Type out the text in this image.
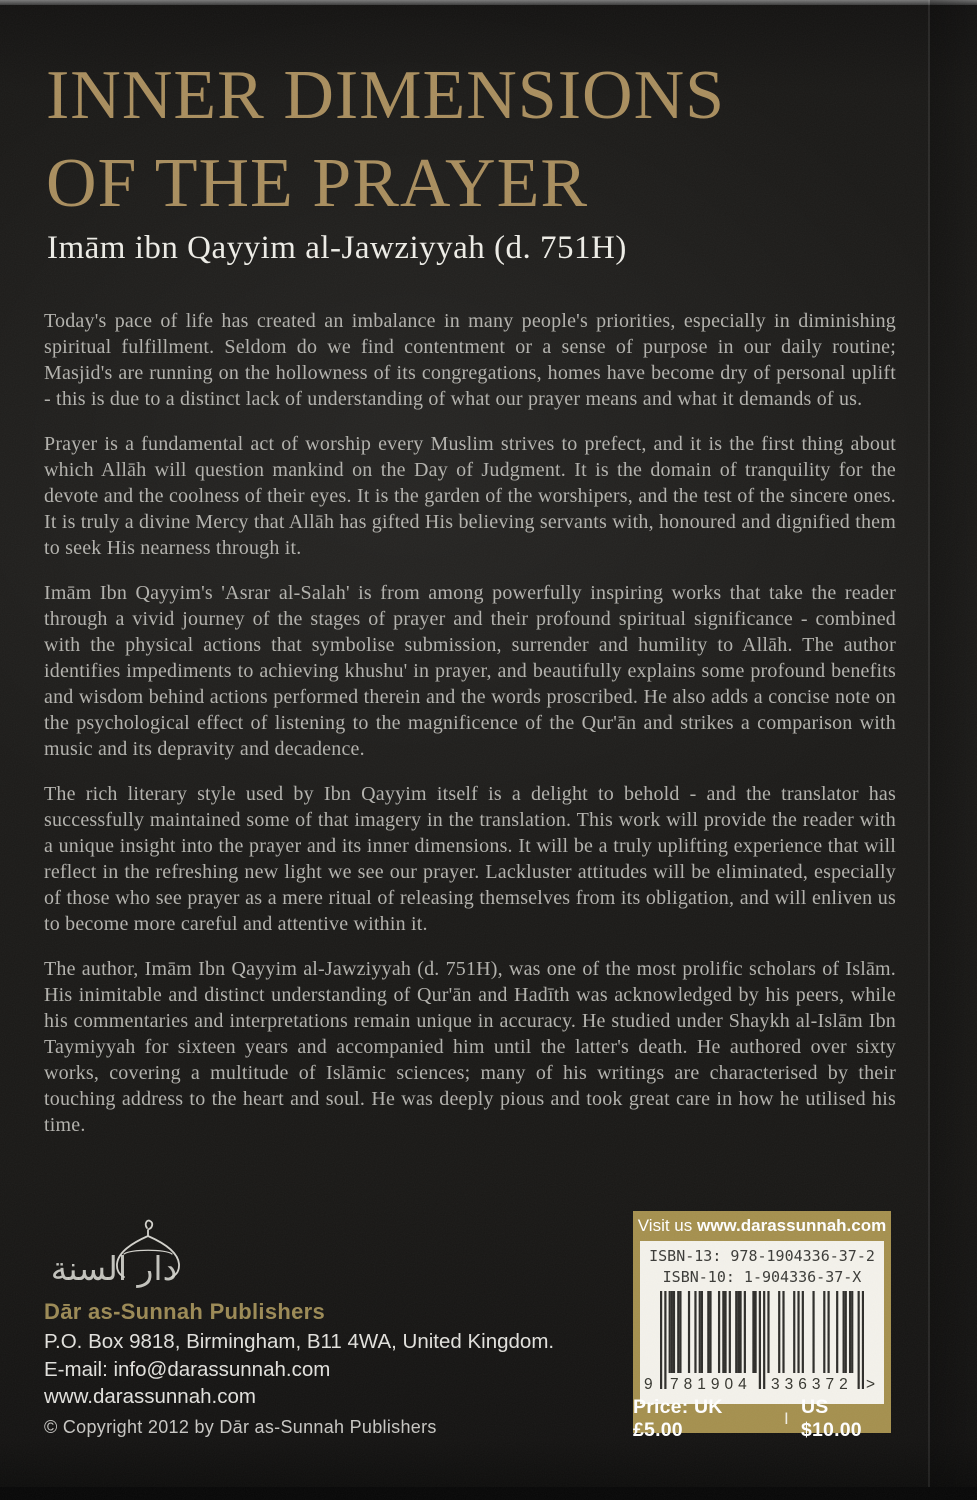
INNER DIMENSIONS
OF THE PRAYER
Imām ibn Qayyim al-Jawziyyah (d. 751H)

Today's pace of life has created an imbalance in many people's priorities, especially in diminishing spiritual fulfillment. Seldom do we find contentment or a sense of purpose in our daily routine; Masjid's are running on the hollowness of its congregations, homes have become dry of personal uplift - this is due to a distinct lack of understanding of what our prayer means and what it demands of us.

Prayer is a fundamental act of worship every Muslim strives to prefect, and it is the first thing about which Allāh will question mankind on the Day of Judgment. It is the domain of tranquility for the devote and the coolness of their eyes. It is the garden of the worshipers, and the test of the sincere ones. It is truly a divine Mercy that Allāh has gifted His believing servants with, honoured and dignified them to seek His nearness through it.

Imām Ibn Qayyim's 'Asrar al-Salah' is from among powerfully inspiring works that take the reader through a vivid journey of the stages of prayer and their profound spiritual significance - combined with the physical actions that symbolise submission, surrender and humility to Allāh. The author identifies impediments to achieving khushu' in prayer, and beautifully explains some profound benefits and wisdom behind actions performed therein and the words proscribed. He also adds a concise note on the psychological effect of listening to the magnificence of the Qur'ān and strikes a comparison with music and its depravity and decadence.

The rich literary style used by Ibn Qayyim itself is a delight to behold - and the translator has successfully maintained some of that imagery in the translation. This work will provide the reader with a unique insight into the prayer and its inner dimensions. It will be a truly uplifting experience that will reflect in the refreshing new light we see our prayer. Lackluster attitudes will be eliminated, especially of those who see prayer as a mere ritual of releasing themselves from its obligation, and will enliven us to become more careful and attentive within it.

The author, Imām Ibn Qayyim al-Jawziyyah (d. 751H), was one of the most prolific scholars of Islām. His inimitable and distinct understanding of Qur'ān and Hadīth was acknowledged by his peers, while his commentaries and interpretations remain unique in accuracy. He studied under Shaykh al-Islām Ibn Taymiyyah for sixteen years and accompanied him until the latter's death. He authored over sixty works, covering a multitude of Islāmic sciences; many of his writings are characterised by their touching address to the heart and soul. He was deeply pious and took great care in how he utilised his time.

دار السنة
Dār as-Sunnah Publishers
P.O. Box 9818, Birmingham, B11 4WA, United Kingdom.
E-mail: info@darassunnah.com
www.darassunnah.com
© Copyright 2012 by Dār as-Sunnah Publishers
Visit us www.darassunnah.com
ISBN-13: 978-1904336-37-2
ISBN-10: 1-904336-37-X
9 781904 336372 >
Price: UK £5.00
I
US $10.00
